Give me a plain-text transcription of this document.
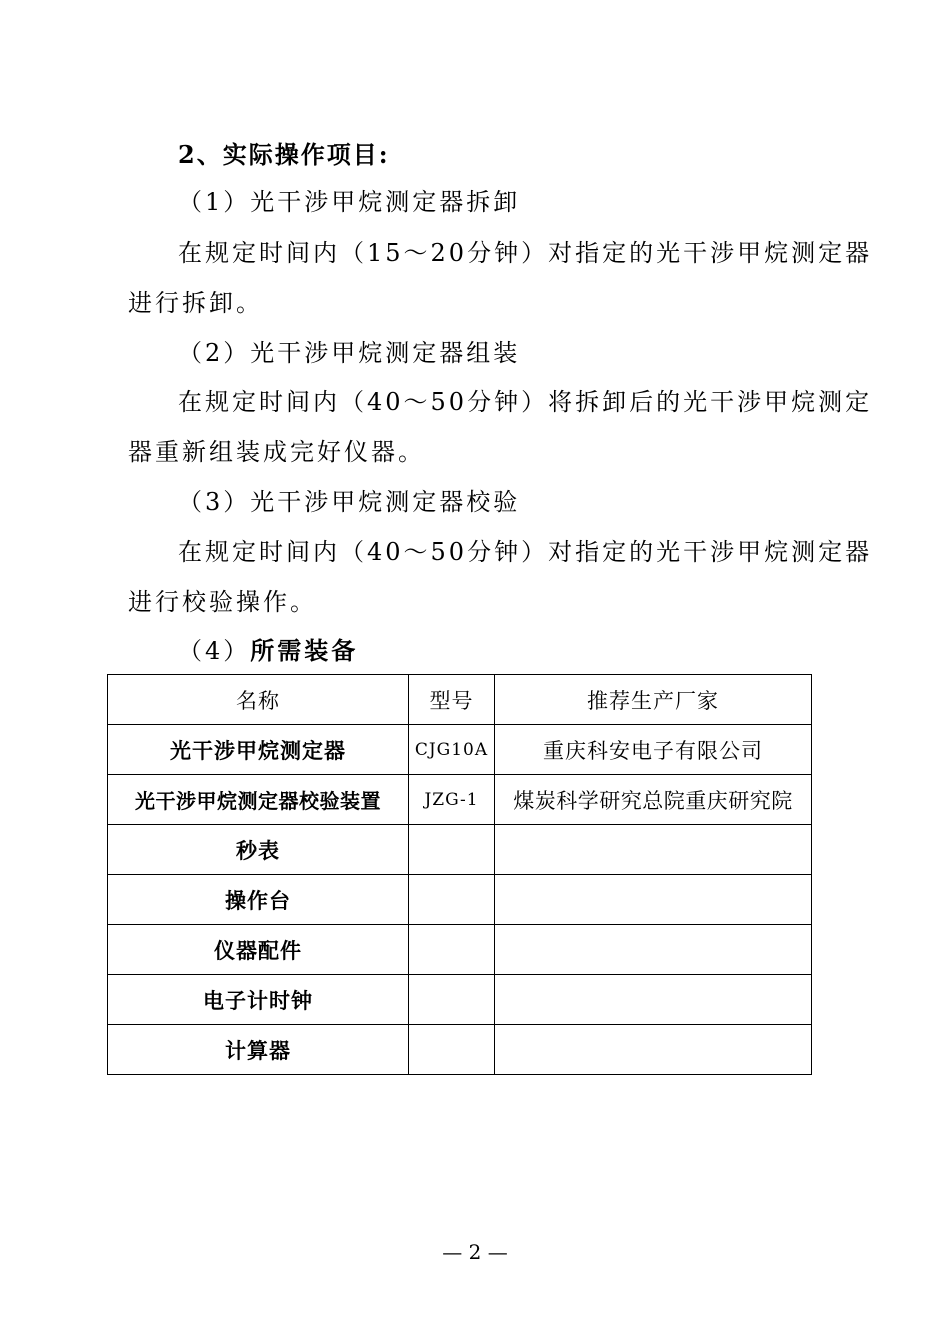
2、实际操作项目:
（1）光干涉甲烷测定器拆卸
在规定时间内（15～20分钟）对指定的光干涉甲烷测定器
进行拆卸。
（2）光干涉甲烷测定器组装
在规定时间内（40～50分钟）将拆卸后的光干涉甲烷测定
器重新组装成完好仪器。
（3）光干涉甲烷测定器校验
在规定时间内（40～50分钟）对指定的光干涉甲烷测定器
进行校验操作。
（4）所需装备
名称	型号	推荐生产厂家
光干涉甲烷测定器	CJG10A	重庆科安电子有限公司
光干涉甲烷测定器校验装置	JZG-1	煤炭科学研究总院重庆研究院
秒表		
操作台		
仪器配件		
电子计时钟		
计算器		
— 2 —
